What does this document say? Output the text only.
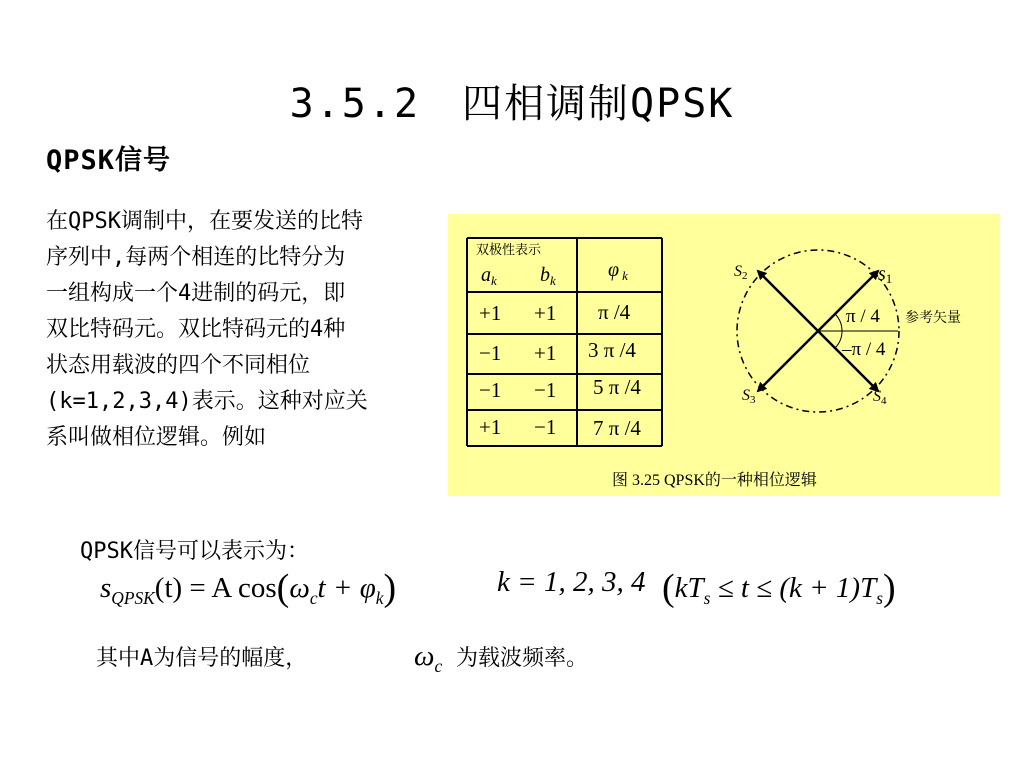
3.5.2　四相调制QPSK
QPSK信号
在QPSK调制中，在要发送的比特
序列中,每两个相连的比特分为
一组构成一个4进制的码元，即
双比特码元。双比特码元的4种
状态用载波的四个不同相位
(k=1,2,3,4)表示。这种对应关
系叫做相位逻辑。例如
双极性表示
$a_k$ $b_k$	φ $_k$
+1 +1 π /4
−1 +1 3 π /4
−1 −1 5 π /4
+1 −1 7 π /4
s1
S2
S3	S4
π / 4
–π / 4
参考矢量
图 3.25 QPSK的一种相位逻辑
QPSK信号可以表示为：
$s_{QPSK}(t) = A$ $\cos(\omega_ct + \varphi_k)$	k = 1, 2, 3, 4 $(kT_s \le t \le (k + 1)T_s)$
其中A为信号的幅度，	$\omega_c$ 为载波频率。
